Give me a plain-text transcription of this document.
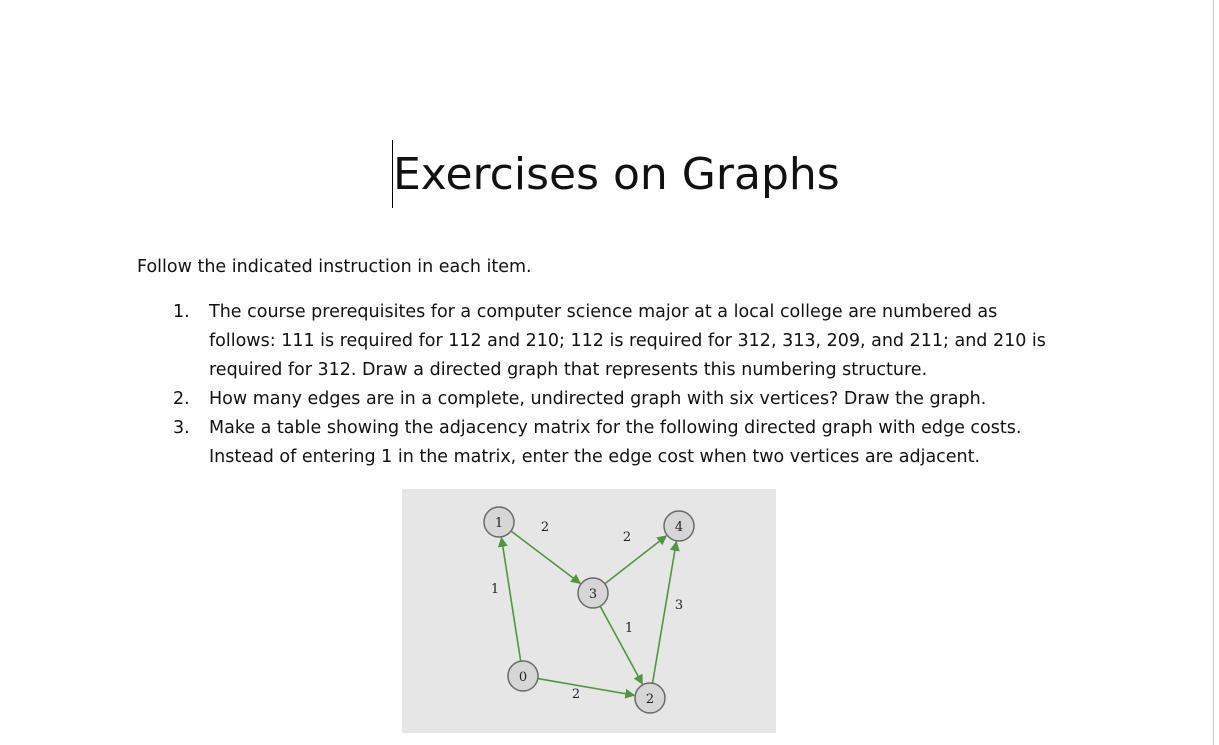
Exercises on Graphs
Follow the indicated instruction in each item.
1. The course prerequisites for a computer science major at a local college are numbered as
follows: 111 is required for 112 and 210; 112 is required for 312, 313, 209, and 211; and 210 is
required for 312. Draw a directed graph that represents this numbering structure.
2. How many edges are in a complete, undirected graph with six vertices? Draw the graph.
3. Make a table showing the adjacency matrix for the following directed graph with edge costs.
Instead of entering 1 in the matrix, enter the edge cost when two vertices are adjacent.
2
2
1
1
3
2
0
1
2
3
4
